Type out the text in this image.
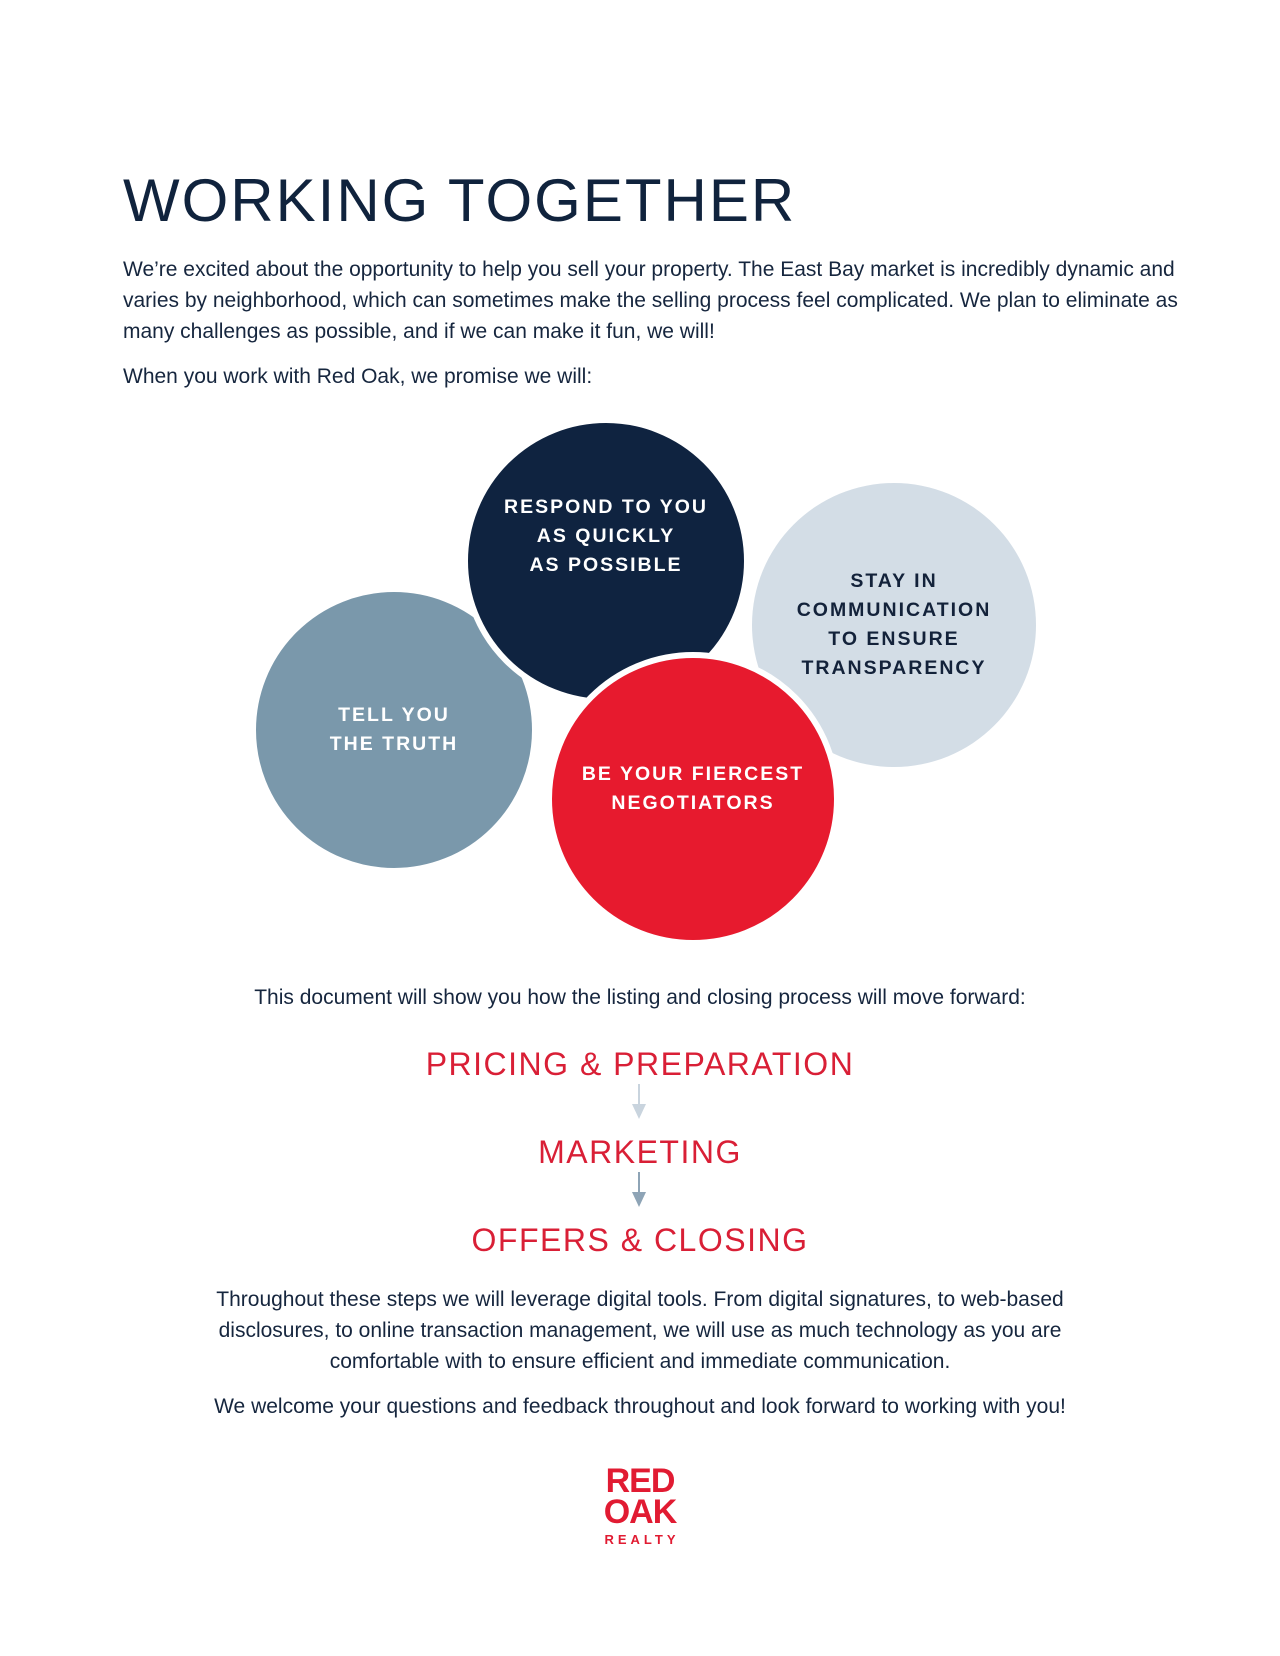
WORKING TOGETHER

We’re excited about the opportunity to help you sell your property. The East Bay market is incredibly dynamic and varies by neighborhood, which can sometimes make the selling process feel complicated. We plan to eliminate as many challenges as possible, and if we can make it fun, we will!

When you work with Red Oak, we promise we will:

RESPOND TO YOU
AS QUICKLY
AS POSSIBLE
STAY IN
COMMUNICATION
TO ENSURE
TRANSPARENCY
TELL YOU
THE TRUTH
BE YOUR FIERCEST
NEGOTIATORS

This document will show you how the listing and closing process will move forward:

PRICING & PREPARATION
MARKETING
OFFERS & CLOSING

Throughout these steps we will leverage digital tools. From digital signatures, to web-based disclosures, to online transaction management, we will use as much technology as you are comfortable with to ensure efficient and immediate communication.

We welcome your questions and feedback throughout and look forward to working with you!

RED
OAK
REALTY
